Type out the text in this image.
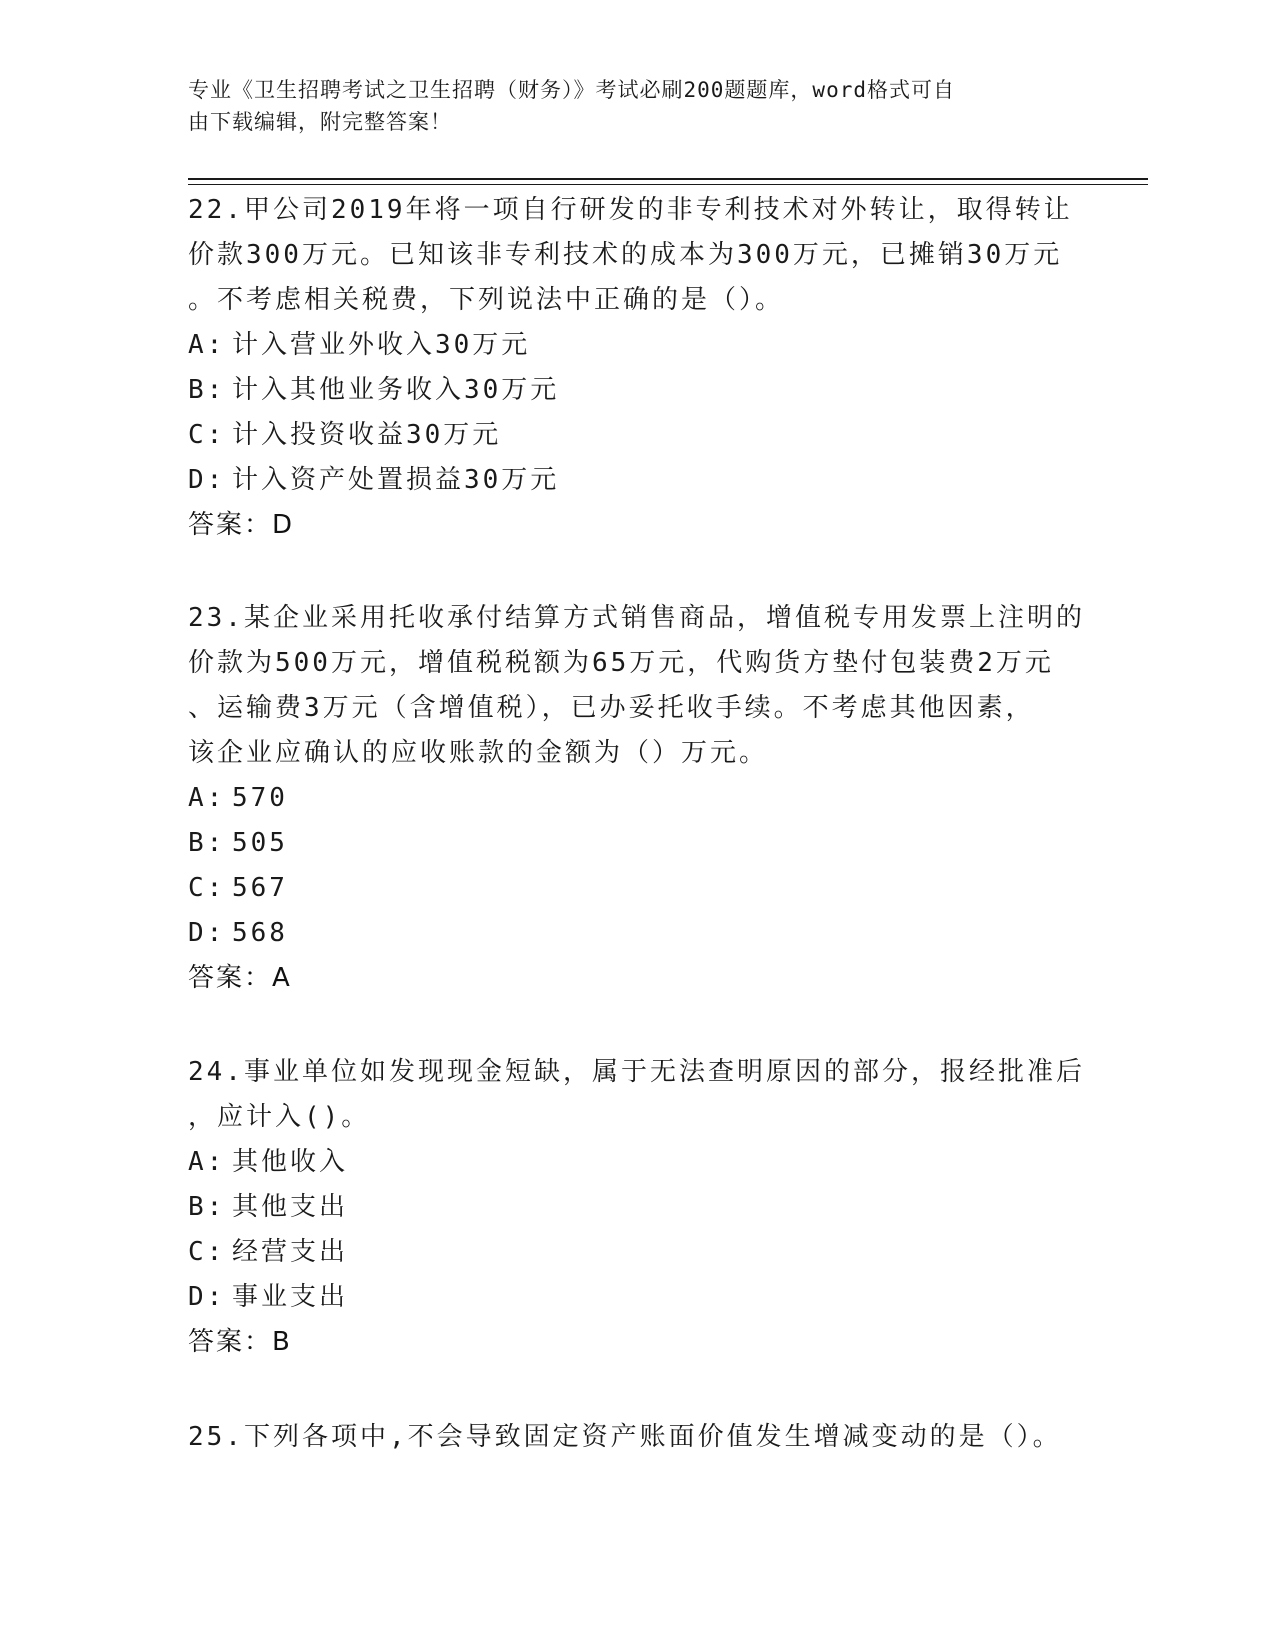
专业《卫生招聘考试之卫生招聘（财务）》考试必刷200题题库，word格式可自
由下载编辑，附完整答案！
22.甲公司2019年将一项自行研发的非专利技术对外转让，取得转让
价款300万元。已知该非专利技术的成本为300万元，已摊销30万元
。不考虑相关税费，下列说法中正确的是（）。
A: 计入营业外收入30万元
B: 计入其他业务收入30万元
C: 计入投资收益30万元
D: 计入资产处置损益30万元
答案：D
23.某企业采用托收承付结算方式销售商品，增值税专用发票上注明的
价款为500万元，增值税税额为65万元，代购货方垫付包装费2万元
、运输费3万元（含增值税），已办妥托收手续。不考虑其他因素，
该企业应确认的应收账款的金额为（）万元。
A: 570
B: 505
C: 567
D: 568
答案：A
24.事业单位如发现现金短缺，属于无法查明原因的部分，报经批准后
，应计入()。
A: 其他收入
B: 其他支出
C: 经营支出
D: 事业支出
答案：B
25.下列各项中,不会导致固定资产账面价值发生增减变动的是（）。
